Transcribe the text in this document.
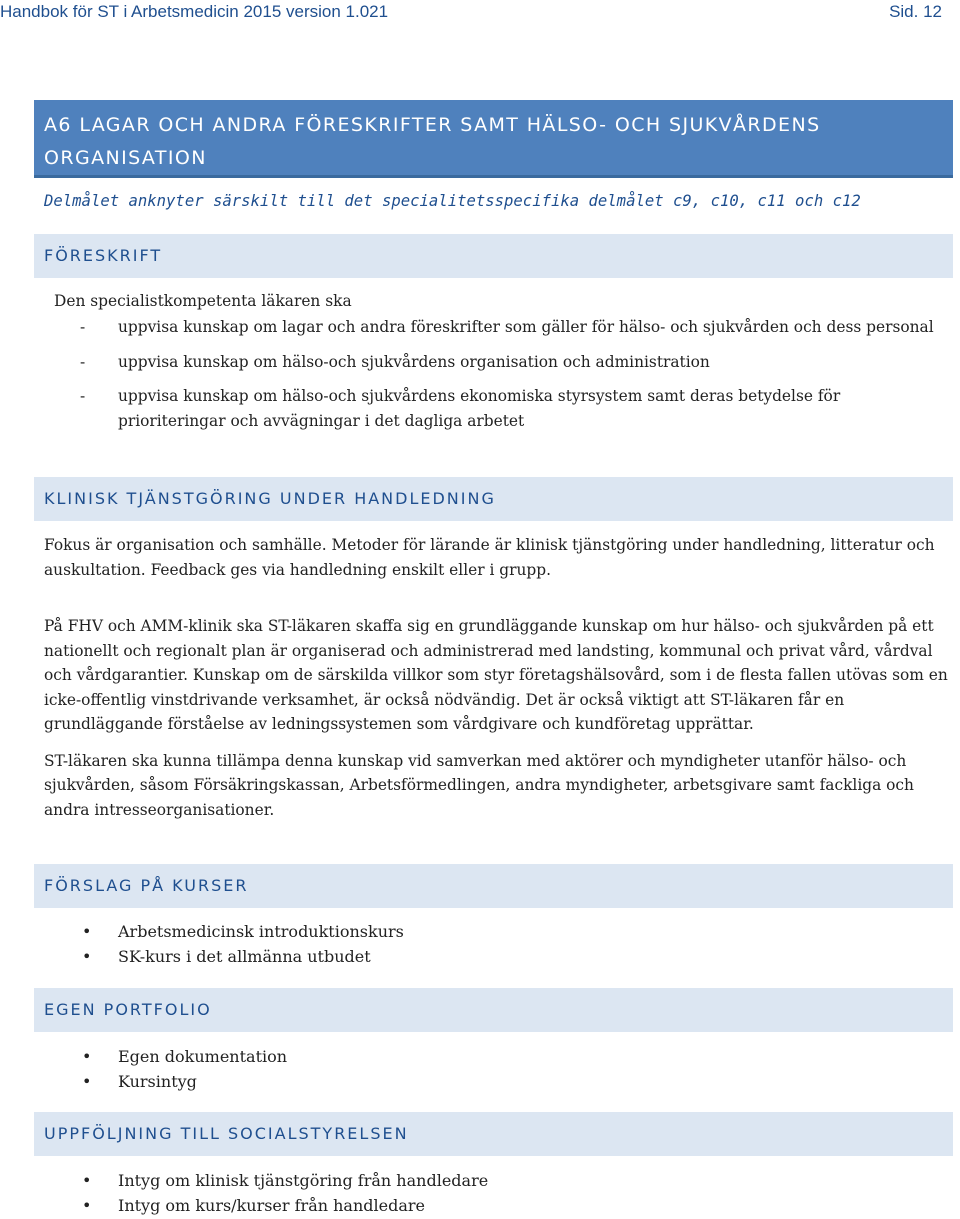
Handbok för ST i Arbetsmedicin 2015 version 1.021	Sid. 12
A6 LAGAR OCH ANDRA FÖRESKRIFTER SAMT HÄLSO- OCH SJUKVÅRDENS ORGANISATION
Delmålet anknyter särskilt till det specialitetsspecifika delmålet c9, c10, c11 och c12
FÖRESKRIFT
Den specialistkompetenta läkaren ska
- uppvisa kunskap om lagar och andra föreskrifter som gäller för hälso- och sjukvården och dess personal
- uppvisa kunskap om hälso-och sjukvårdens organisation och administration
- uppvisa kunskap om hälso-och sjukvårdens ekonomiska styrsystem samt deras betydelse för prioriteringar och avvägningar i det dagliga arbetet
KLINISK TJÄNSTGÖRING UNDER HANDLEDNING

Fokus är organisation och samhälle. Metoder för lärande är klinisk tjänstgöring under handledning, litteratur och auskultation. Feedback ges via handledning enskilt eller i grupp.

På FHV och AMM-klinik ska ST-läkaren skaffa sig en grundläggande kunskap om hur hälso- och sjukvården på ett nationellt och regionalt plan är organiserad och administrerad med landsting, kommunal och privat vård, vårdval och vårdgarantier. Kunskap om de särskilda villkor som styr företagshälsovård, som i de flesta fallen utövas som en icke-offentlig vinstdrivande verksamhet, är också nödvändig. Det är också viktigt att ST-läkaren får en grundläggande förståelse av ledningssystemen som vårdgivare och kundföretag upprättar.

ST-läkaren ska kunna tillämpa denna kunskap vid samverkan med aktörer och myndigheter utanför hälso- och sjukvården, såsom Försäkringskassan, Arbetsförmedlingen, andra myndigheter, arbetsgivare samt fackliga och andra intresseorganisationer.

FÖRSLAG PÅ KURSER
• Arbetsmedicinsk introduktionskurs
• SK-kurs i det allmänna utbudet
EGEN PORTFOLIO
• Egen dokumentation
• Kursintyg
UPPFÖLJNING TILL SOCIALSTYRELSEN
• Intyg om klinisk tjänstgöring från handledare
• Intyg om kurs/kurser från handledare
